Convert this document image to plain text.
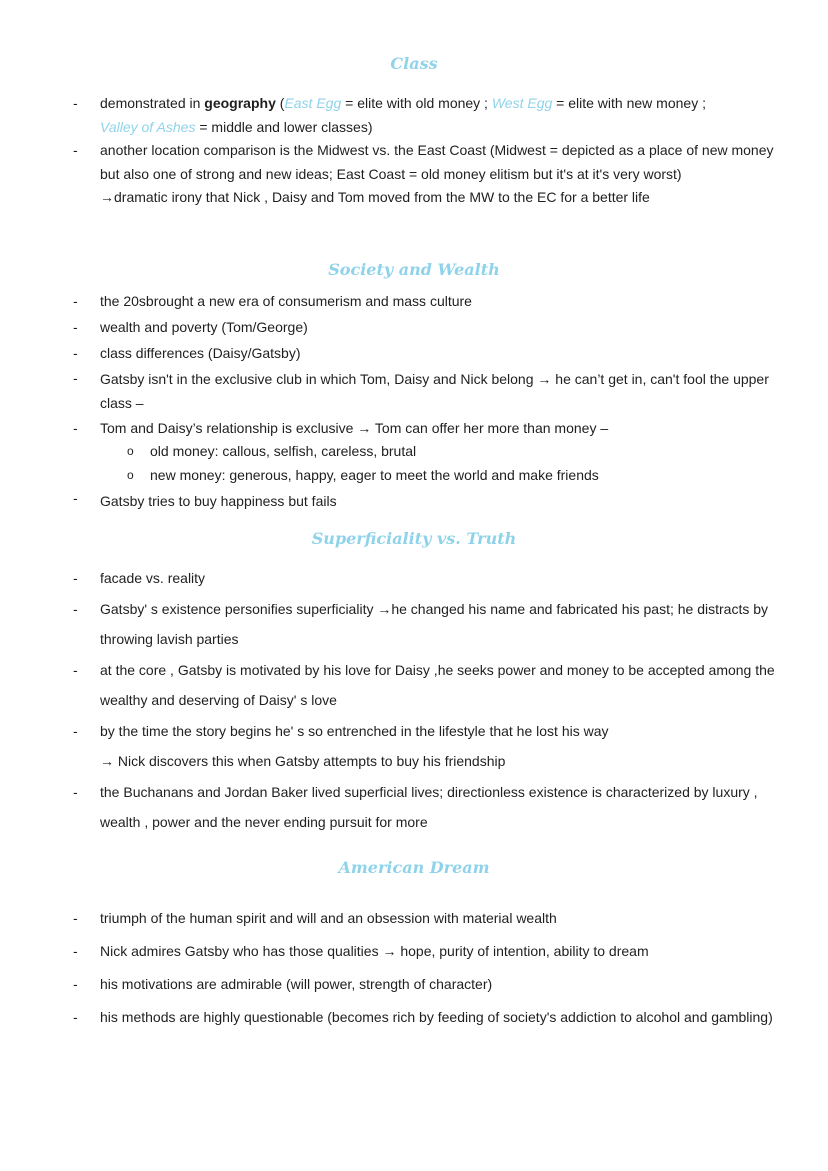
Class
- demonstrated in geography (East Egg = elite with old money ; West Egg = elite with new money ;
Valley of Ashes = middle and lower classes)
- another location comparison is the Midwest vs. the East Coast (Midwest = depicted as a place of new money but also one of strong and new ideas; East Coast = old money elitism but it's at it's very worst)
→dramatic irony that Nick , Daisy and Tom moved from the MW to the EC for a better life
Society and Wealth
- the 20sbrought a new era of consumerism and mass culture
- wealth and poverty (Tom/George)
- class differences (Daisy/Gatsby)
- Gatsby isn't in the exclusive club in which Tom, Daisy and Nick belong → he can’t get in, can't fool the upper class –
- Tom and Daisy’s relationship is exclusive → Tom can offer her more than money –
o old money: callous, selfish, careless, brutal
o new money: generous, happy, eager to meet the world and make friends
- Gatsby tries to buy happiness but fails
Superficiality vs. Truth
- facade vs. reality
- Gatsby' s existence personifies superficiality →he changed his name and fabricated his past; he distracts by throwing lavish parties
- at the core , Gatsby is motivated by his love for Daisy ,he seeks power and money to be accepted among the wealthy and deserving of Daisy' s love
- by the time the story begins he' s so entrenched in the lifestyle that he lost his way
→ Nick discovers this when Gatsby attempts to buy his friendship
- the Buchanans and Jordan Baker lived superficial lives; directionless existence is characterized by luxury , wealth , power and the never ending pursuit for more
American Dream
- triumph of the human spirit and will and an obsession with material wealth
- Nick admires Gatsby who has those qualities → hope, purity of intention, ability to dream
- his motivations are admirable (will power, strength of character)
- his methods are highly questionable (becomes rich by feeding of society's addiction to alcohol and gambling)
